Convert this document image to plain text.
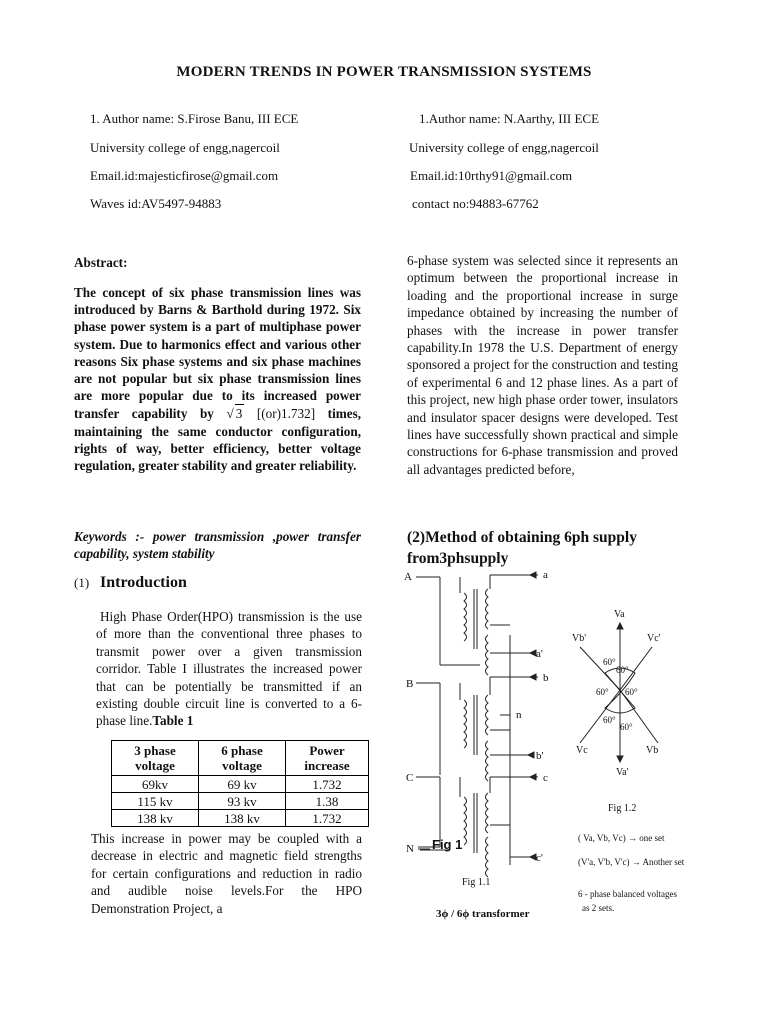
MODERN TRENDS IN POWER TRANSMISSION SYSTEMS
1. Author name: S.Firose Banu, III ECE
University college of engg,nagercoil
Email.id:majesticfirose@gmail.com
Waves id:AV5497-94883
1.Author name: N.Aarthy, III ECE
University college of engg,nagercoil
Email.id:10rthy91@gmail.com
contact no:94883-67762
Abstract:
The concept of six phase transmission lines was introduced by Barns & Barthold during 1972. Six phase power system is a part of multiphase power system. Due to harmonics effect and various other reasons Six phase systems and six phase machines are not popular but six phase transmission lines are more popular due to its increased power transfer capability by √ 3 [(or)1.732] times, maintaining the same conductor configuration, rights of way, better efficiency, better voltage regulation, greater stability and greater reliability.
Keywords :- power transmission ,power transfer capability, system stability
(1) Introduction
High Phase Order(HPO) transmission is the use of more than the conventional three phases to transmit power over a given transmission corridor. Table I illustrates the increased power that can be potentially be transmitted if an existing double circuit line is converted to a 6-phase line.Table 1
3 phase voltage	6 phase voltage	Power increase
69kv	69 kv	1.732
115 kv	93 kv	1.38
138 kv	138 kv	1.732
This increase in power may be coupled with a decrease in electric and magnetic field strengths for certain configurations and reduction in radio and audible noise levels.For the HPO Demonstration Project, a
6-phase system was selected since it represents an optimum between the proportional increase in loading and the proportional increase in surge impedance obtained by increasing the number of phases with the increase in power transfer capability.In 1978 the U.S. Department of energy sponsored a project for the construction and testing of experimental 6 and 12 phase lines. As a part of this project, new high phase order tower, insulators and insulator spacer designs were developed. Test lines have successfully shown practical and simple constructions for 6-phase transmission and proved all advantages predicted before,
(2)Method of obtaining 6ph supply from3phsupply
A
B
C
a
a'
b
n
b'
c
N
c'
Fig 1
Fig 1.1
3ϕ / 6ϕ transformer
Va
Vb'	Vc'
Vc	Vb
Va'
60°
60°
60° 60°
60°
60°
Fig 1.2
( Va, Vb, Vc) → one set
(V'a, V'b, V'c) → Another set
6 - phase balanced voltages
as 2 sets.
